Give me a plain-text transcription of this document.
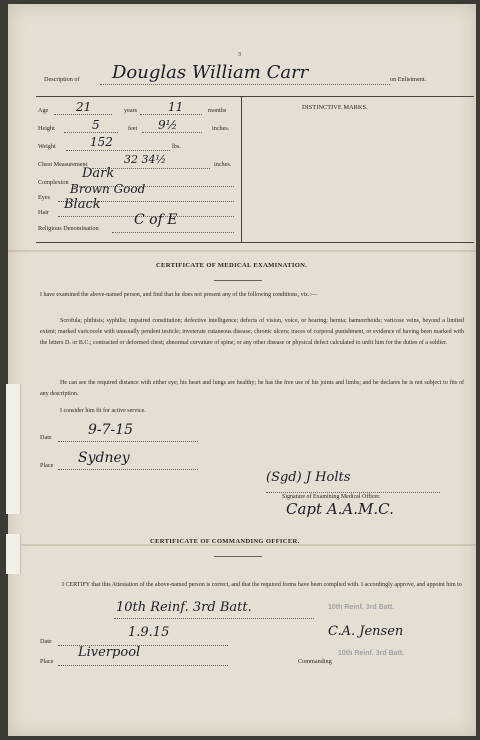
3
Description of Douglas William Carr	on Enlistment.
DISTINCTIVE MARKS.
Age 21	years	11	months
Height	5	feet 9½	inches.
Weight	152	lbs.
Chest Measurement	32 34½	inches.
Complexion
Dark
Eyes
Brown Good
Hair
Black
Religious Denomination
C of E
CERTIFICATE OF MEDICAL EXAMINATION.
I have examined the above-named person, and find that he does not present any of the following conditions, viz.:—
Scrofula; phthisis; syphilis; impaired constitution; defective intelligence; defects of vision, voice, or hearing; hernia; hæmorrhoids; varicose veins, beyond a limited extent; marked varicocele with unusually pendent testicle; inveterate cutaneous disease; chronic ulcers; traces of corporal punishment, or evidence of having been marked with the letters D. or B.C.; contracted or deformed chest; abnormal curvature of spine; or any other disease or physical defect calculated to unfit him for the duties of a soldier.
He can see the required distance with either eye; his heart and lungs are healthy; he has the free use of his joints and limbs; and he declares he is not subject to fits of any description.
I consider him fit for active service.
Date	9-7-15
Place Sydney
(Sgd) J Holts
Signature of Examining Medical Officer.
Capt A.A.M.C.
CERTIFICATE OF COMMANDING OFFICER.
I CERTIFY that this Attestation of the above-named person is correct, and that the required forms have been complied with. I accordingly approve, and appoint him to
10th Reinf. 3rd Batt.	10th Reinf. 3rd Batt.
Date
1.9.15	C.A. Jensen
Place
Liverpool
Commanding
10th Reinf. 3rd Batt.
